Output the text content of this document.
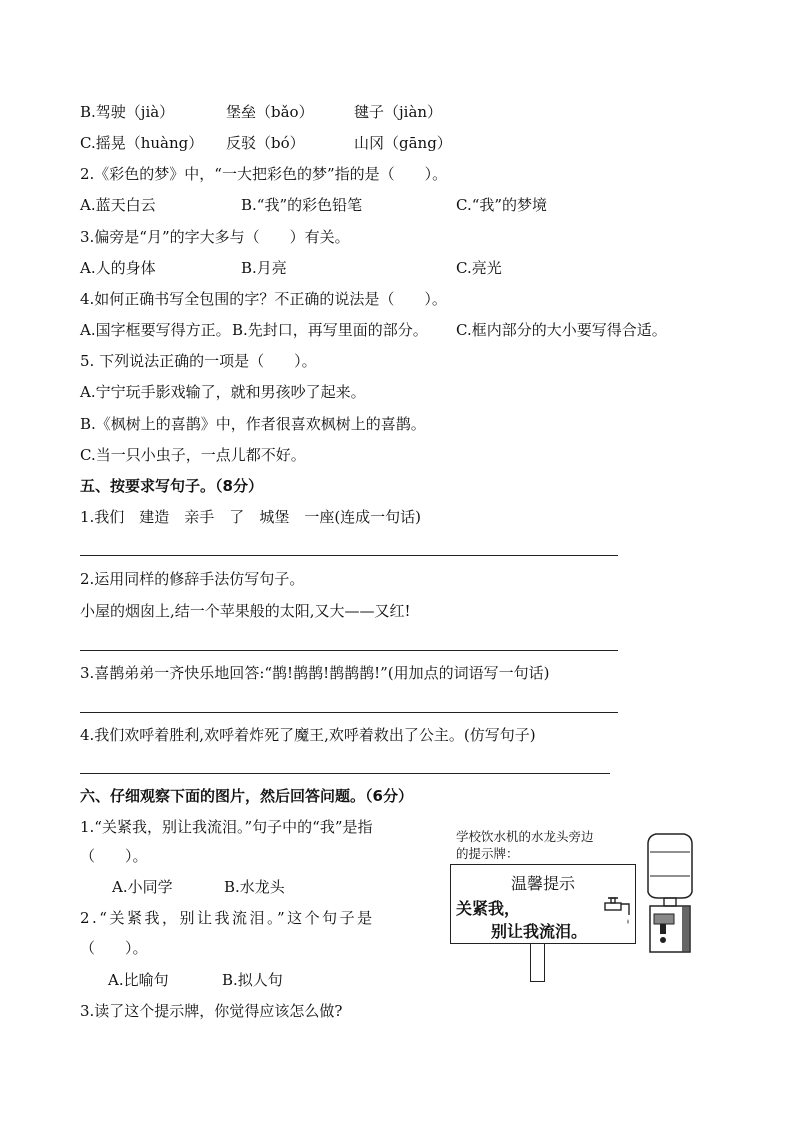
B.驾驶（jià）	堡垒（bǎo）	毽子（jiàn）
C.摇晃（huàng） 反驳（bó）	山冈（gāng）
2.《彩色的梦》中，“一大把彩色的梦”指的是（　　）。
A.蓝天白云	B.“我”的彩色铅笔	C.“我”的梦境
3.偏旁是“月”的字大多与（　　）有关。
A.人的身体	B.月亮	C.亮光
4.如何正确书写全包围的字？不正确的说法是（　　）。
A.国字框要写得方正。 B.先封口，再写里面的部分。 C.框内部分的大小要写得合适。
5. 下列说法正确的一项是（　　）。
A.宁宁玩手影戏输了，就和男孩吵了起来。
B.《枫树上的喜鹊》中，作者很喜欢枫树上的喜鹊。
C.当一只小虫子，一点儿都不好。
五、按要求写句子。（8分）
1.我们　建造　亲手　了　城堡　一座(连成一句话)
2.运用同样的修辞手法仿写句子。
小屋的烟囱上,结一个苹果般的太阳,又大——又红!
3.喜鹊弟弟一齐快乐地回答:“鹊!鹊鹊!鹊鹊鹊!”(用加点的词语写一句话)
4.我们欢呼着胜利,欢呼着炸死了魔王,欢呼着救出了公主。(仿写句子)
六、仔细观察下面的图片，然后回答问题。（6分）
1.“关紧我，别让我流泪。”句子中的“我”是指
（　　）。
A.小同学	B.水龙头
2.“关紧我，别让我流泪。”这个句子是
（　　）。
A.比喻句	B.拟人句
3.读了这个提示牌，你觉得应该怎么做?
学校饮水机的水龙头旁边
的提示牌：
温馨提示
关紧我，
别让我流泪。
